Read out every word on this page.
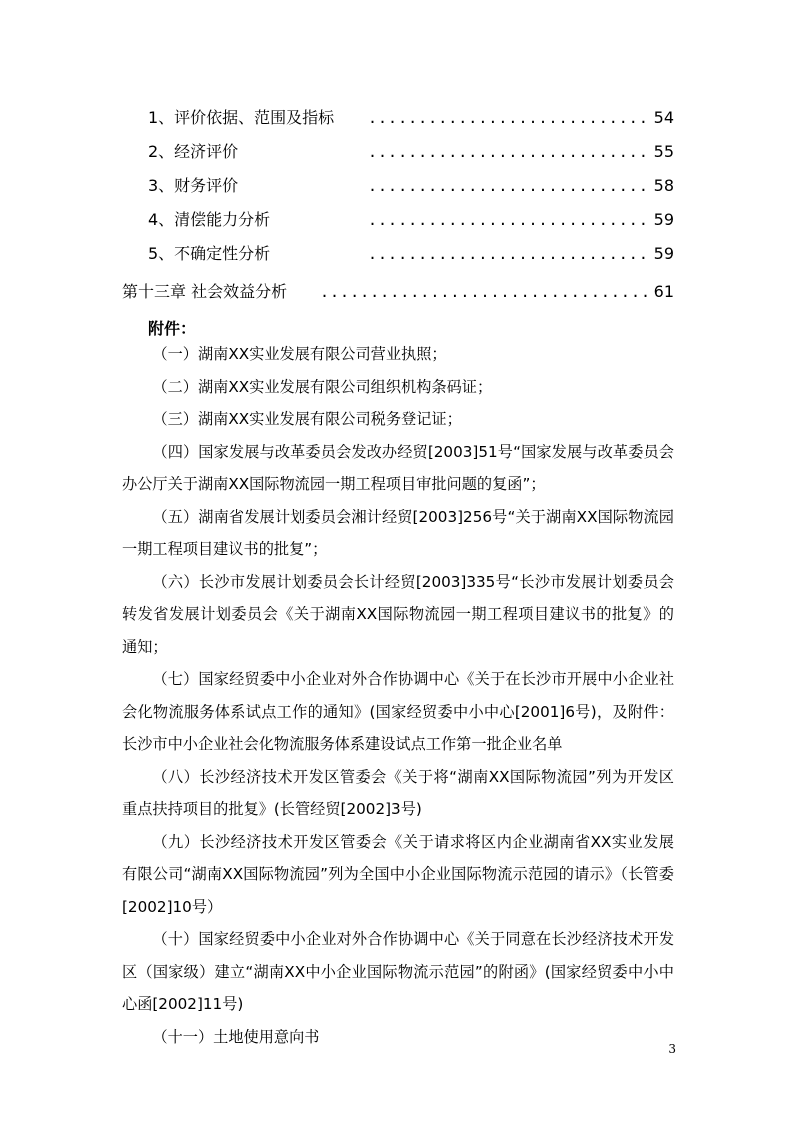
1、评价依据、范围及指标 .....	54
2、经济评价 .....	55
3、财务评价 .....	58
4、清偿能力分析 .....	59
5、不确定性分析 .....	59
第十三章 社会效益分析 .....	61
附件：

（一）湖南XX实业发展有限公司营业执照；

（二）湖南XX实业发展有限公司组织机构条码证；

（三）湖南XX实业发展有限公司税务登记证；

（四）国家发展与改革委员会发改办经贸[2003]51号“国家发展与改革委员会办公厅关于湖南XX国际物流园一期工程项目审批问题的复函”；

（五）湖南省发展计划委员会湘计经贸[2003]256号“关于湖南XX国际物流园一期工程项目建议书的批复”；

（六）长沙市发展计划委员会长计经贸[2003]335号“长沙市发展计划委员会转发省发展计划委员会《关于湖南XX国际物流园一期工程项目建议书的批复》的通知；

（七）国家经贸委中小企业对外合作协调中心《关于在长沙市开展中小企业社会化物流服务体系试点工作的通知》(国家经贸委中小中心[2001]6号)，及附件：长沙市中小企业社会化物流服务体系建设试点工作第一批企业名单

（八）长沙经济技术开发区管委会《关于将“湖南XX国际物流园”列为开发区重点扶持项目的批复》(长管经贸[2002]3号)

（九）长沙经济技术开发区管委会《关于请求将区内企业湖南省XX实业发展有限公司“湖南XX国际物流园”列为全国中小企业国际物流示范园的请示》（长管委[2002]10号）

（十）国家经贸委中小企业对外合作协调中心《关于同意在长沙经济技术开发区（国家级）建立“湖南XX中小企业国际物流示范园”的附函》(国家经贸委中小中心函[2002]11号)

（十一）土地使用意向书

3
